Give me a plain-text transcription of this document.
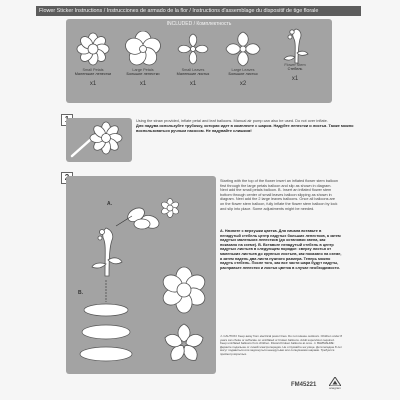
Flower Sticker Instructions / Instrucciones de armado de la flor / Instructions d'assemblage du dispositif de tige florale
INCLUDED / Комплектность
Small Petals
Маленькие лепестки
x1
Large Petals
Большие лепестки
x1
Small Leaves
Маленькие листья
x1
Large Leaves
Большие листья
x2
Flower Stem
Стебель
x1
Using the straw provided, inflate petal and leaf balloons. Manual air pump can also be used. Do not over inflate.
Для надува используйте трубочку, которая идет в комплекте с шаром. Надуйте лепестки и листья. Также можно воспользоваться ручным насосом. Не надувайте слишком!
A.
B.
Starting with the top of the flower insert an inflated flower stem balloon first through the large petals balloon and slip as shown in diagram. Next add the small petals balloon. B. Insert an inflated flower stem bottom through center of small leaves balloon slipping as shown in diagram. Next add the 2 large leaves balloons. Once all balloons are on the flower stem balloon, fully inflate the flower stem balloon by lock and slip into place. Some adjustments might be needed.
А. Начните с верхушки цветка. Для начала вставьте в ненадутый стебель центр надутых больших лепестков, а затем надутых маленьких лепестков (до остановки звена, как показано на схеме). В. Вставьте ненадутый стебель в центр надутых листьев в следующем порядке: сверху листья от маленьких листьев до крупных листьев, как показано на схеме, а затем надень два листа нужного размера. Теперь можно надуть стебель. После того, как все части шара будут надуты, расправьте лепестки и листья цветка в случае необходимости.
⚠ CAUTION: Keep away from electrical power lines. Do not release outdoors. Children under 8 years can choke or suffocate on uninflated or broken balloons. Adult supervision required. Keep uninflated balloons from children. Discard broken balloons at once. ⚠ ВНИМАНИЕ: Держите подальше от линий электропередач. Не отпускайте на улице. Дети младше 8 лет могут подавиться или задохнуться ненадутыми или лопнувшими шарами. Требуется присмотр взрослых.
FM45221	anagram
